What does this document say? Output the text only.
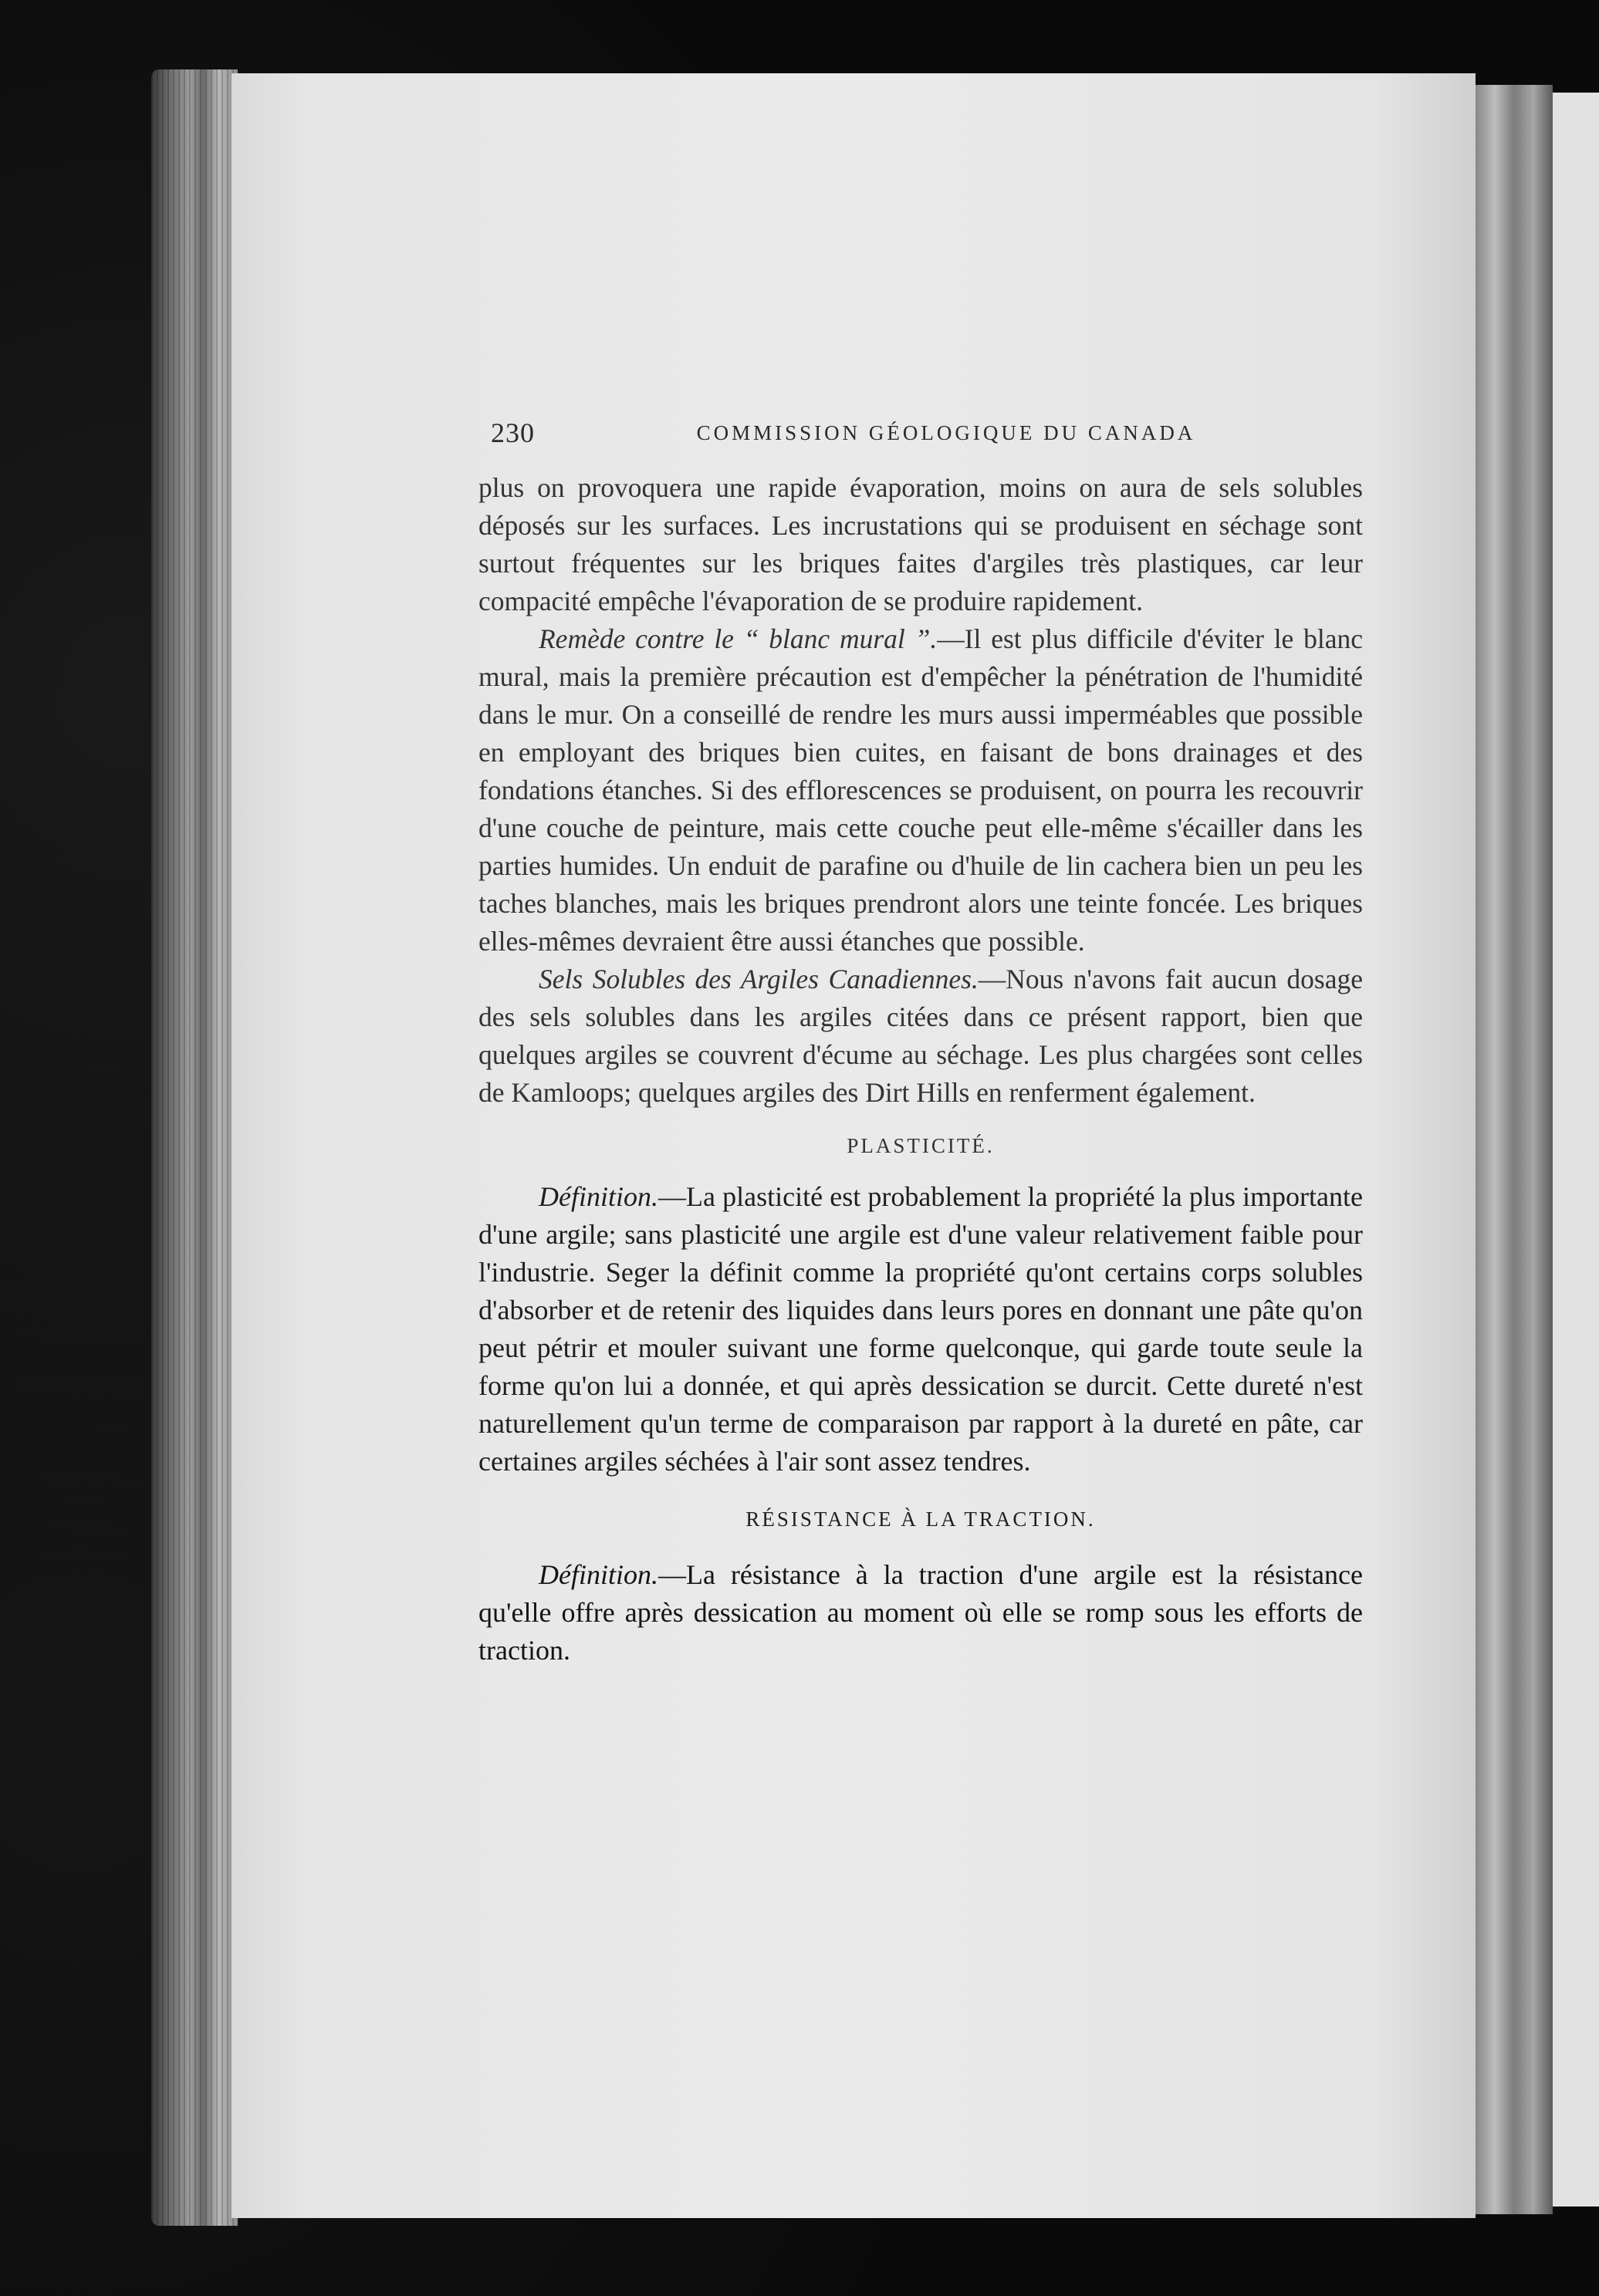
230	COMMISSION GÉOLOGIQUE DU CANADA

plus on provoquera une rapide évaporation, moins on aura de sels solubles déposés sur les surfaces. Les incrustations qui se produisent en séchage sont surtout fréquentes sur les briques faites d'argiles très plastiques, car leur compacité empêche l'évaporation de se produire rapidement.

Remède contre le “ blanc mural ”.—Il est plus difficile d'éviter le blanc mural, mais la première précaution est d'empêcher la pénétration de l'humidité dans le mur. On a conseillé de rendre les murs aussi imperméables que possible en employant des briques bien cuites, en faisant de bons drainages et des fondations étanches. Si des efflorescences se produisent, on pourra les recouvrir d'une couche de peinture, mais cette couche peut elle-même s'écailler dans les parties humides. Un enduit de parafine ou d'huile de lin cachera bien un peu les taches blanches, mais les briques prendront alors une teinte foncée. Les briques elles-mêmes devraient être aussi étanches que possible.

Sels Solubles des Argiles Canadiennes.—Nous n'avons fait aucun dosage des sels solubles dans les argiles citées dans ce présent rapport, bien que quelques argiles se couvrent d'écume au séchage. Les plus chargées sont celles de Kamloops; quelques argiles des Dirt Hills en renferment également.

PLASTICITÉ.

Définition.—La plasticité est probablement la propriété la plus importante d'une argile; sans plasticité une argile est d'une valeur relativement faible pour l'industrie. Seger la définit comme la propriété qu'ont certains corps solubles d'absorber et de retenir des liquides dans leurs pores en donnant une pâte qu'on peut pétrir et mouler suivant une forme quelconque, qui garde toute seule la forme qu'on lui a donnée, et qui après dessication se durcit. Cette dureté n'est naturellement qu'un terme de comparaison par rapport à la dureté en pâte, car certaines argiles séchées à l'air sont assez tendres.

RÉSISTANCE À LA TRACTION.

Définition.—La résistance à la traction d'une argile est la résistance qu'elle offre après dessication au moment où elle se romp sous les efforts de traction.
